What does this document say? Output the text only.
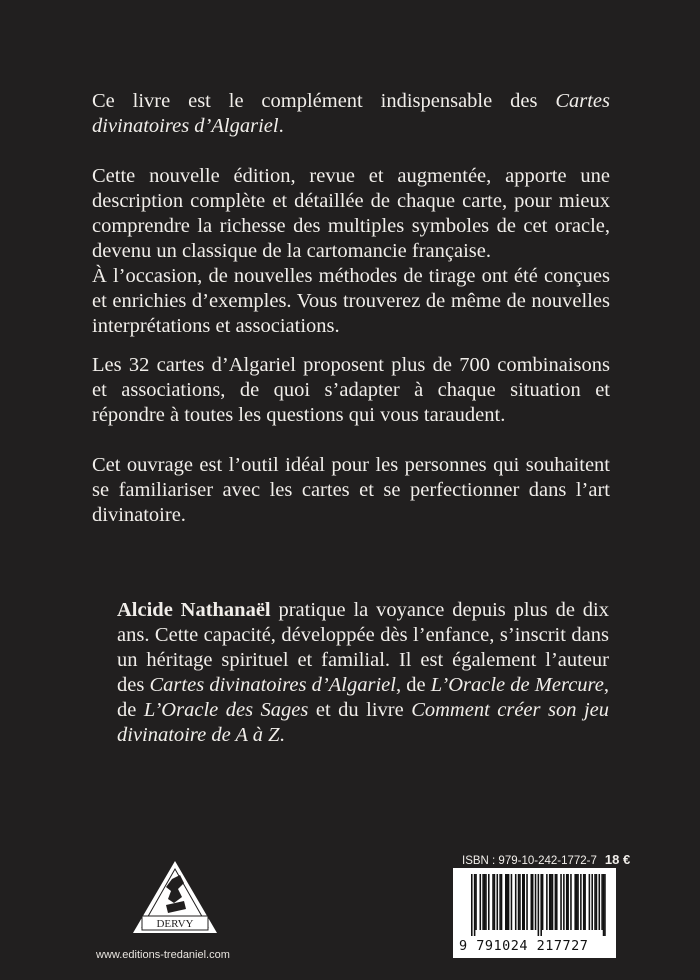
Ce livre est le complément indispensable des Cartes divinatoires d’Algariel.

Cette nouvelle édition, revue et augmentée, apporte une description complète et détaillée de chaque carte, pour mieux comprendre la richesse des multiples symboles de cet oracle, devenu un classique de la cartomancie française.

À l’occasion, de nouvelles méthodes de tirage ont été conçues et enrichies d’exemples. Vous trouverez de même de nouvelles interprétations et associations.

Les 32 cartes d’Algariel proposent plus de 700 combinaisons et associations, de quoi s’adapter à chaque situation et répondre à toutes les questions qui vous taraudent.

Cet ouvrage est l’outil idéal pour les personnes qui souhaitent se familiariser avec les cartes et se perfectionner dans l’art divinatoire.

Alcide Nathanaël pratique la voyance depuis plus de dix ans. Cette capacité, développée dès l’enfance, s’inscrit dans un héritage spirituel et familial. Il est également l’auteur des Cartes divinatoires d’Algariel, de L’Oracle de Mercure, de L’Oracle des Sages et du livre Comment créer son jeu divinatoire de A à Z.
DERVY
www.editions-tredaniel.com
ISBN : 979-10-242-1772-7 18 €
9 791024 217727
